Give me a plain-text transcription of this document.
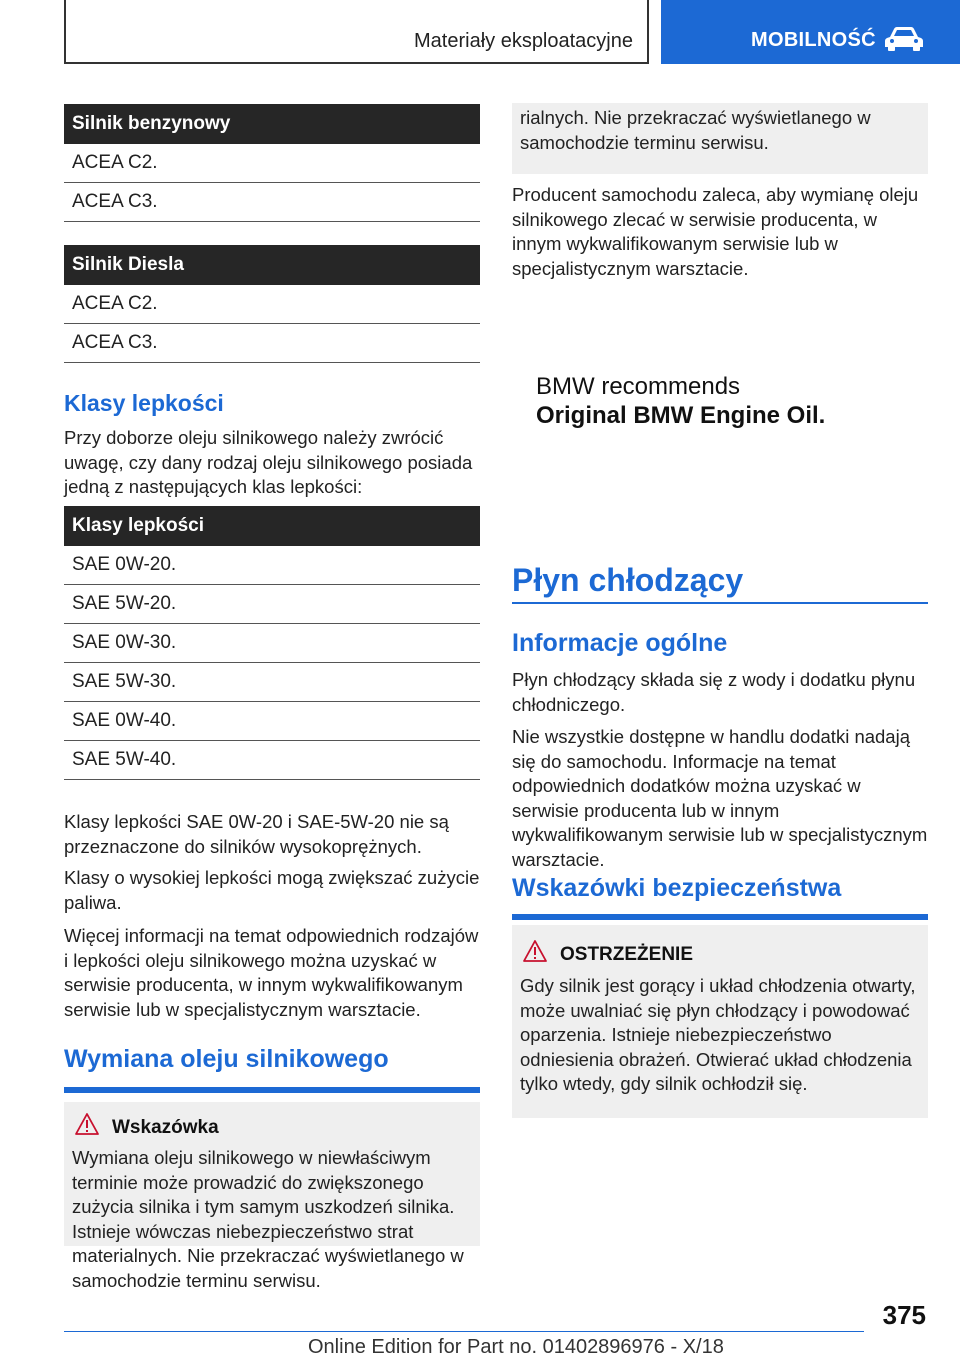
Materiały eksploatacyjne	MOBILNOŚĆ
Silnik benzynowy
ACEA C2.
ACEA C3.
Silnik Diesla
ACEA C2.
ACEA C3.
Klasy lepkości
Przy doborze oleju silnikowego należy zwrócić uwagę, czy dany rodzaj oleju silnikowego posiada jedną z następujących klas lepkości:
Klasy lepkości
SAE 0W-20.
SAE 5W-20.
SAE 0W-30.
SAE 5W-30.
SAE 0W-40.
SAE 5W-40.
Klasy lepkości SAE 0W-20 i SAE-5W-20 nie są przeznaczone do silników wysokoprężnych.
Klasy o wysokiej lepkości mogą zwiększać zużycie paliwa.
Więcej informacji na temat odpowiednich rodzajów i lepkości oleju silnikowego można uzyskać w serwisie producenta, w innym wykwalifikowanym serwisie lub w specjalistycznym warsztacie.
Wymiana oleju silnikowego
Wskazówka
Wymiana oleju silnikowego w niewłaściwym terminie może prowadzić do zwiększonego zużycia silnika i tym samym uszkodzeń silnika. Istnieje wówczas niebezpieczeństwo strat materialnych. Nie przekraczać wyświetlanego w samochodzie terminu serwisu.
rialnych. Nie przekraczać wyświetlanego w samochodzie terminu serwisu.
Producent samochodu zaleca, aby wymianę oleju silnikowego zlecać w serwisie producenta, w innym wykwalifikowanym serwisie lub w specjalistycznym warsztacie.
BMW recommends
Original BMW Engine Oil.
Płyn chłodzący
Informacje ogólne
Płyn chłodzący składa się z wody i dodatku płynu chłodniczego.
Nie wszystkie dostępne w handlu dodatki nadają się do samochodu. Informacje na temat odpowiednich dodatków można uzyskać w serwisie producenta lub w innym wykwalifikowanym serwisie lub w specjalistycznym warsztacie.
Wskazówki bezpieczeństwa
OSTRZEŻENIE
Gdy silnik jest gorący i układ chłodzenia otwarty, może uwalniać się płyn chłodzący i powodować oparzenia. Istnieje niebezpieczeństwo odniesienia obrażeń. Otwierać układ chłodzenia tylko wtedy, gdy silnik ochłodził się.
375
Online Edition for Part no. 01402896976 - X/18
